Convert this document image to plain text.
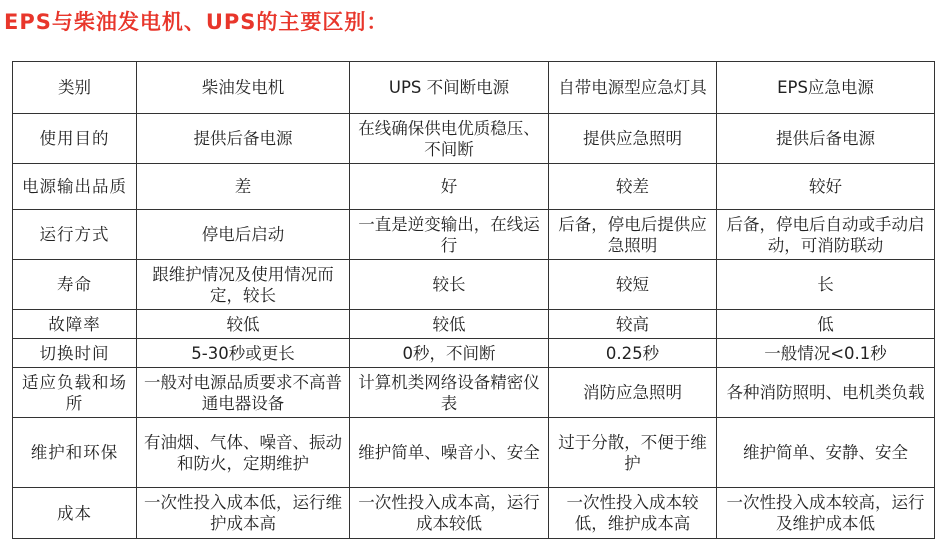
EPS与柴油发电机、UPS的主要区别：
类别	柴油发电机	UPS 不间断电源	自带电源型应急灯具	EPS应急电源
使用目的	提供后备电源	在线确保供电优质稳压、不间断	提供应急照明	提供后备电源
电源输出品质	差	好	较差	较好
运行方式	停电后启动	一直是逆变输出，在线运行	后备，停电后提供应急照明	后备，停电后自动或手动启动，可消防联动
寿命	跟维护情况及使用情况而定，较长	较长	较短	长
故障率	较低	较低	较高	低
切换时间	5-30秒或更长	0秒，不间断	0.25秒	一般情况<0.1秒
适应负载和场所	一般对电源品质要求不高普通电器设备	计算机类网络设备精密仪表	消防应急照明	各种消防照明、电机类负载
维护和环保	有油烟、气体、噪音、振动和防火，定期维护	维护简单、噪音小、安全	过于分散，不便于维护	维护简单、安静、安全
成本	一次性投入成本低，运行维护成本高	一次性投入成本高，运行成本较低	一次性投入成本较低，维护成本高	一次性投入成本较高，运行及维护成本低
